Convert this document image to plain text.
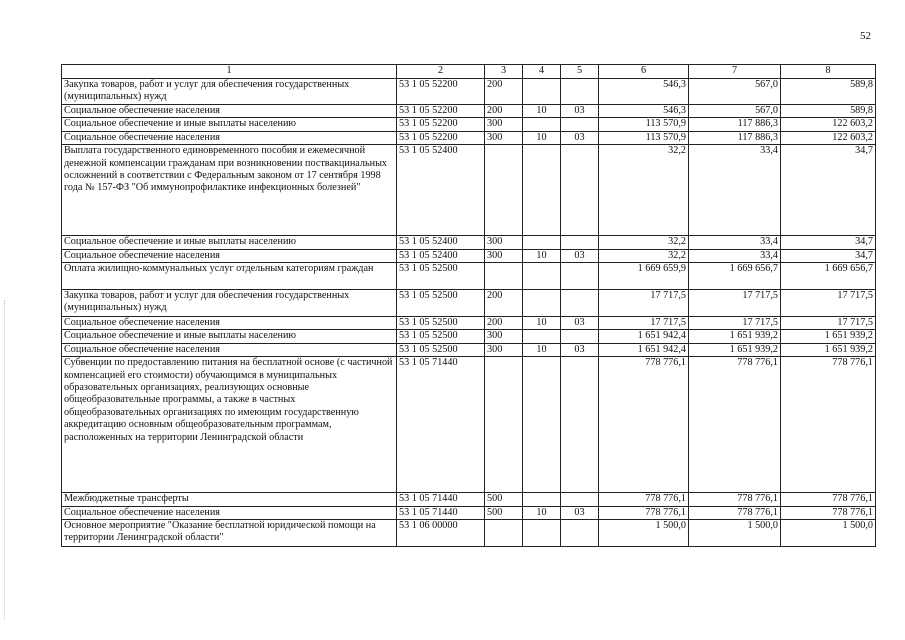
52
1	2	3	4	5	6	7	8
Закупка товаров, работ и услуг для обеспечения государственных (муниципальных) нужд	53 1 05 52200	200			546,3	567,0	589,8
Социальное обеспечение населения	53 1 05 52200	200	10	03	546,3	567,0	589,8
Социальное обеспечение и иные выплаты населению	53 1 05 52200	300			113 570,9	117 886,3	122 603,2
Социальное обеспечение населения	53 1 05 52200	300	10	03	113 570,9	117 886,3	122 603,2
Выплата государственного единовременного пособия и ежемесячной денежной компенсации гражданам при возникновении поствакцинальных осложнений в соответствии с Федеральным законом от 17 сентября 1998 года № 157-ФЗ "Об иммунопрофилактике инфекционных болезней"	53 1 05 52400				32,2	33,4	34,7
Социальное обеспечение и иные выплаты населению	53 1 05 52400	300			32,2	33,4	34,7
Социальное обеспечение населения	53 1 05 52400	300	10	03	32,2	33,4	34,7
Оплата жилищно-коммунальных услуг отдельным категориям граждан	53 1 05 52500				1 669 659,9	1 669 656,7	1 669 656,7
Закупка товаров, работ и услуг для обеспечения государственных (муниципальных) нужд	53 1 05 52500	200			17 717,5	17 717,5	17 717,5
Социальное обеспечение населения	53 1 05 52500	200	10	03	17 717,5	17 717,5	17 717,5
Социальное обеспечение и иные выплаты населению	53 1 05 52500	300			1 651 942,4	1 651 939,2	1 651 939,2
Социальное обеспечение населения	53 1 05 52500	300	10	03	1 651 942,4	1 651 939,2	1 651 939,2
Субвенции по предоставлению питания на бесплатной основе (с частичной компенсацией его стоимости) обучающимся в муниципальных образовательных организациях, реализующих основные общеобразовательные программы, а также в частных общеобразовательных организациях по имеющим государственную аккредитацию основным общеобразовательным программам, расположенных на территории Ленинградской области	53 1 05 71440				778 776,1	778 776,1	778 776,1
Межбюджетные трансферты	53 1 05 71440	500			778 776,1	778 776,1	778 776,1
Социальное обеспечение населения	53 1 05 71440	500	10	03	778 776,1	778 776,1	778 776,1
Основное мероприятие "Оказание бесплатной юридической помощи на территории Ленинградской области"	53 1 06 00000				1 500,0	1 500,0	1 500,0
